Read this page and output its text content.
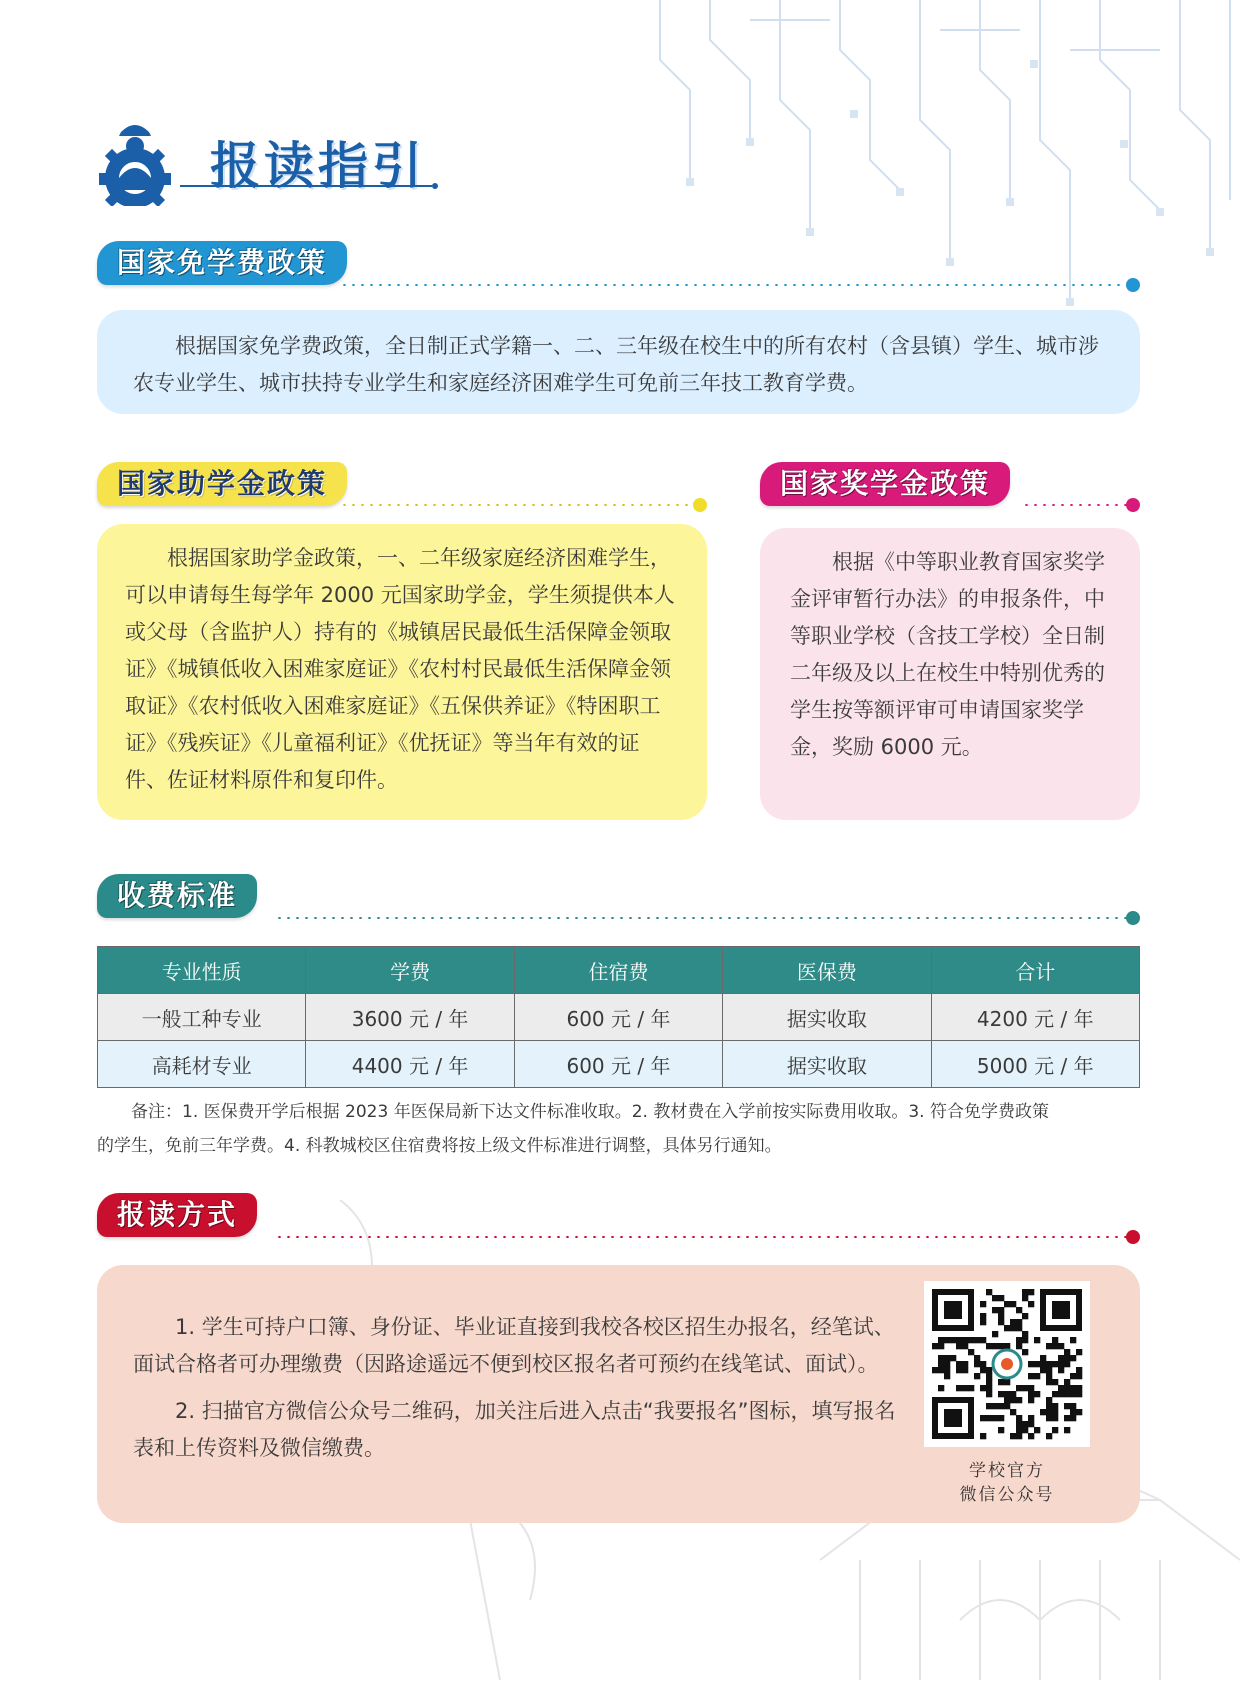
报读指引
国家免学费政策

根据国家免学费政策，全日制正式学籍一、二、三年级在校生中的所有农村（含县镇）学生、城市涉农专业学生、城市扶持专业学生和家庭经济困难学生可免前三年技工教育学费。

国家助学金政策

根据国家助学金政策，一、二年级家庭经济困难学生，可以申请每生每学年 2000 元国家助学金，学生须提供本人或父母（含监护人）持有的《城镇居民最低生活保障金领取证》《城镇低收入困难家庭证》《农村村民最低生活保障金领取证》《农村低收入困难家庭证》《五保供养证》《特困职工证》《残疾证》《儿童福利证》《优抚证》等当年有效的证件、佐证材料原件和复印件。

国家奖学金政策

根据《中等职业教育国家奖学金评审暂行办法》的申报条件，中等职业学校（含技工学校）全日制二年级及以上在校生中特别优秀的学生按等额评审可申请国家奖学金，奖励 6000 元。

收费标准
专业性质	学费	住宿费	医保费	合计
一般工种专业	3600 元 / 年	600 元 / 年	据实收取	4200 元 / 年
高耗材专业	4400 元 / 年	600 元 / 年	据实收取	5000 元 / 年
备注：1. 医保费开学后根据 2023 年医保局新下达文件标准收取。2. 教材费在入学前按实际费用收取。3. 符合免学费政策
的学生，免前三年学费。4. 科教城校区住宿费将按上级文件标准进行调整，具体另行通知。
报读方式

1. 学生可持户口簿、身份证、毕业证直接到我校各校区招生办报名，经笔试、面试合格者可办理缴费（因路途遥远不便到校区报名者可预约在线笔试、面试）。

2. 扫描官方微信公众号二维码，加关注后进入点击“我要报名”图标，填写报名表和上传资料及微信缴费。

学校官方
微信公众号
